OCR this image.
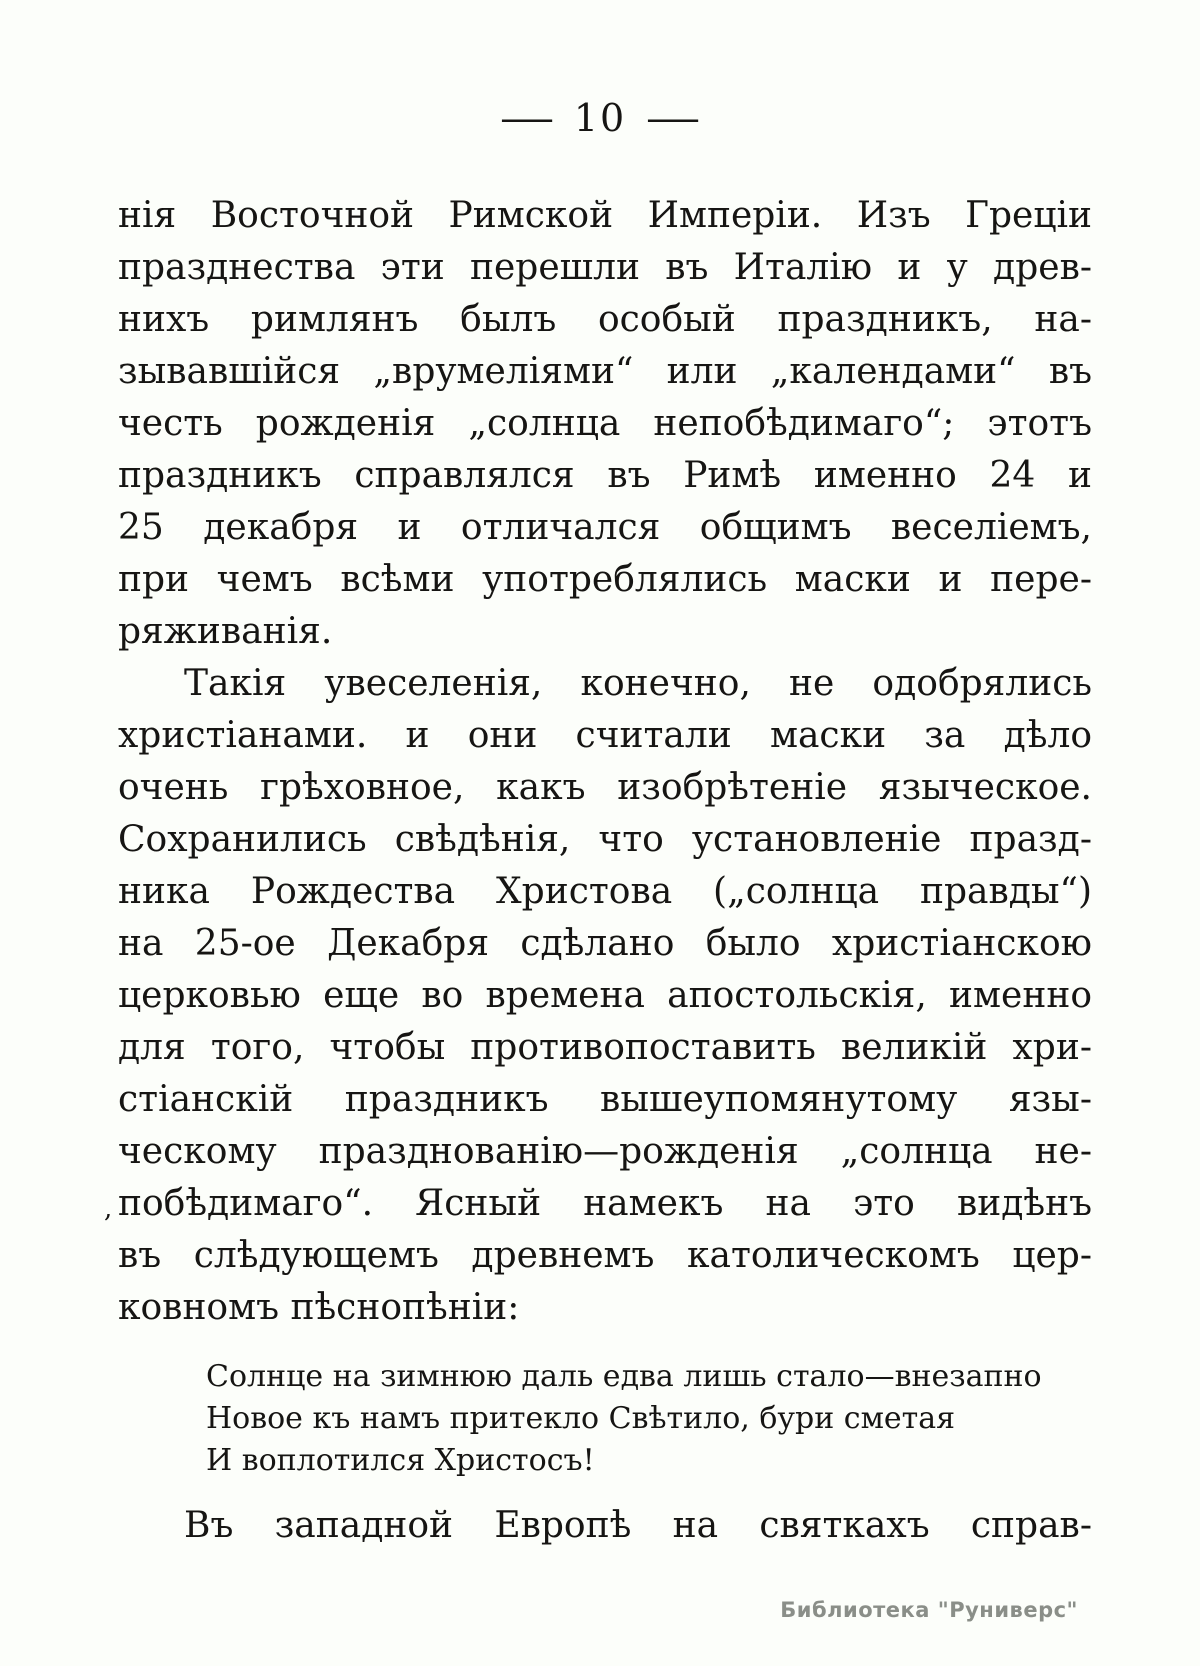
— 10 —
нія Восточной Римской Имперіи. Изъ Греціи
празднества эти перешли въ Италію и у древ-
нихъ римлянъ былъ особый праздникъ, на-
зывавшійся „врумеліями“ или „календами“ въ
честь рожденія „солнца непобѣдимаго“; этотъ
праздникъ справлялся въ Римѣ именно 24 и
25 декабря и отличался общимъ веселіемъ,
при чемъ всѣми употреблялись маски и пере-
ряживанія.
Такія увеселенія, конечно, не одобрялись
христіанами. и они считали маски за дѣло
очень грѣховное, какъ изобрѣтеніе языческое.
Сохранились свѣдѣнія, что установленіе празд-
ника Рождества Христова („солнца правды“)
на 25-ое Декабря сдѣлано было христіанскою
церковью еще во времена апостольскія, именно
для того, чтобы противопоставить великій хри-
стіанскій праздникъ вышеупомянутому язы-
ческому празднованію—рожденія „солнца не-
побѣдимаго“. Ясный намекъ на это видѣнъ
въ слѣдующемъ древнемъ католическомъ цер-
ковномъ пѣснопѣніи:
Солнце на зимнюю даль едва лишь стало—внезапно
Новое къ намъ притекло Свѣтило, бури сметая
И воплотился Христосъ!
Въ западной Европѣ на святкахъ справ-
,
Библиотека "Руниверс"
